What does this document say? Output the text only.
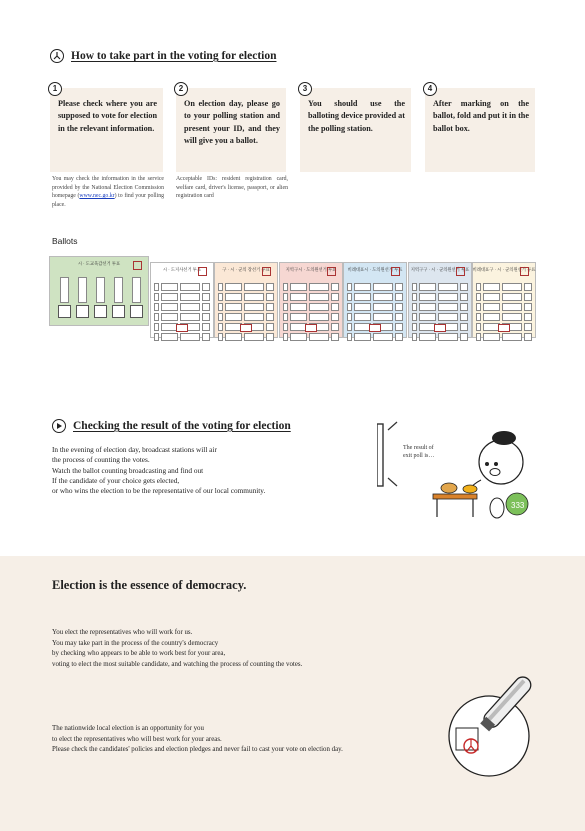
How to take part in the voting for election
1
Please check where you are supposed to vote for election in the relevant information.
2
On election day, please go to your polling station and present your ID, and they will give you a ballot.
3
You should use the balloting device provided at the polling station.
4
After marking on the ballot, fold and put it in the ballot box.
You may check the information in the service provided by the National Election Commission homepage (www.nec.go.kr) to find your polling place.
Acceptable IDs: resident registration card, welfare card, driver's license, passport, or alien registration card
Ballots
시 · 도교육감선거 투표
시 · 도지사선거 투표	구 · 시 · 군의 장선거 투표	지역구시 · 도의원선거 투표	비례대표시 · 도의원선거 투표	지역구구 · 시 · 군의원선거 투표 비례대표구 · 시 · 군의원선거 투표
Checking the result of the voting for election
In the evening of election day, broadcast stations will air
the process of counting the votes.
Watch the ballot counting broadcasting and find out
If the candidate of your choice gets elected,
or who wins the election to be the representative of our local community.
333
The result of
exit poll is…
Election is the essence of democracy.
You elect the representatives who will work for us.
You may take part in the process of the country's democracy
by checking who appears to be able to work best for your area,
voting to elect the most suitable candidate, and watching the process of counting the votes.
The nationwide local election is an opportunity for you
to elect the representatives who will best work for your areas.
Please check the candidates' policies and election pledges and never fail to cast your vote on election day.
